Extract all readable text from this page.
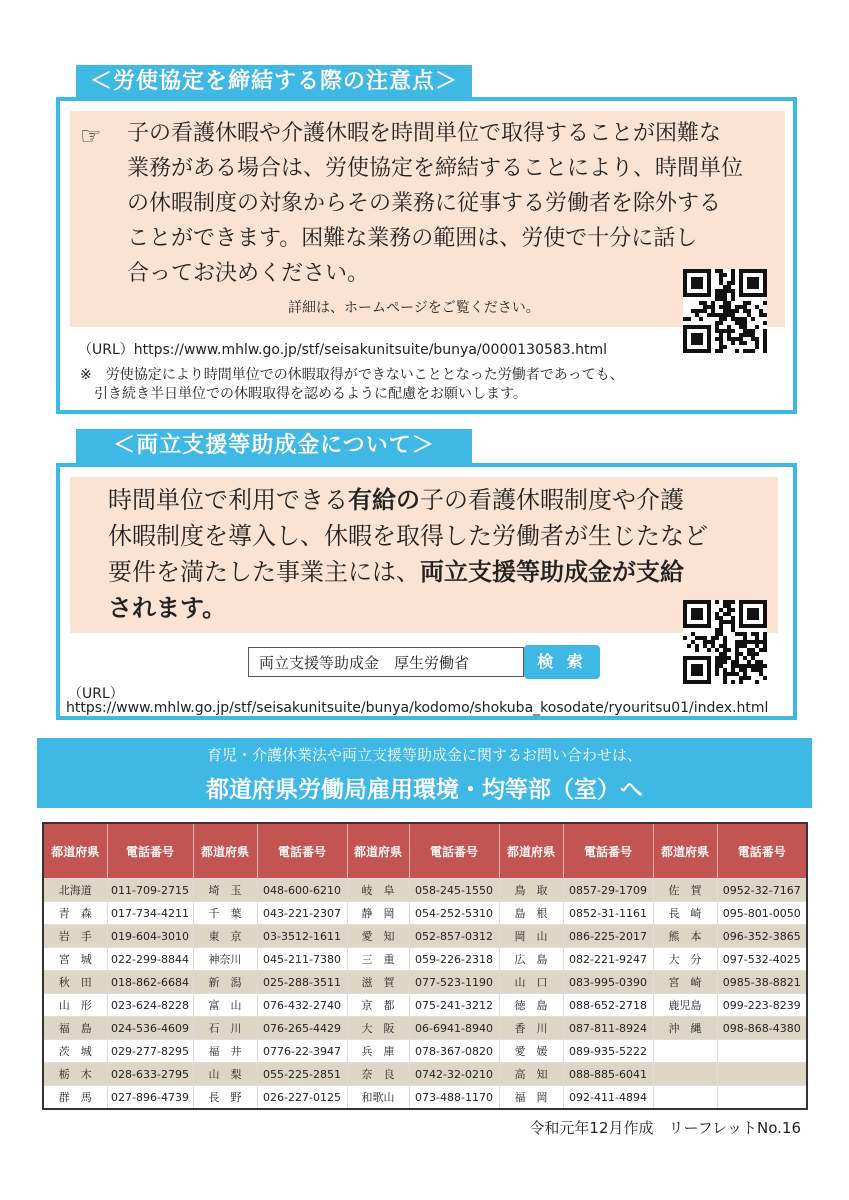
＜労使協定を締結する際の注意点＞
☞ 子の看護休暇や介護休暇を時間単位で取得することが困難な
業務がある場合は、労使協定を締結することにより、時間単位
の休暇制度の対象からその業務に従事する労働者を除外する
ことができます。困難な業務の範囲は、労使で十分に話し
合ってお決めください。
詳細は、ホームページをご覧ください。
（URL）https://www.mhlw.go.jp/stf/seisakunitsuite/bunya/0000130583.html
※　労使協定により時間単位での休暇取得ができないこととなった労働者であっても、
　引き続き半日単位での休暇取得を認めるように配慮をお願いします。
＜両立支援等助成金について＞
時間単位で利用できる有給の子の看護休暇制度や介護
休暇制度を導入し、休暇を取得した労働者が生じたなど
要件を満たした事業主には、両立支援等助成金が支給
されます。
両立支援等助成金　厚生労働省	検 索
（URL）
https://www.mhlw.go.jp/stf/seisakunitsuite/bunya/kodomo/shokuba_kosodate/ryouritsu01/index.html
育児・介護休業法や両立支援等助成金に関するお問い合わせは、
都道府県労働局雇用環境・均等部（室）へ
都道府県	電話番号	都道府県	電話番号	都道府県	電話番号	都道府県	電話番号	都道府県	電話番号
北海道	011-709-2715	埼　玉	048-600-6210	岐　阜	058-245-1550	鳥　取	0857-29-1709	佐　賀	0952-32-7167
青　森	017-734-4211	千　葉	043-221-2307	静　岡	054-252-5310	島　根	0852-31-1161	長　崎	095-801-0050
岩　手	019-604-3010	東　京	03-3512-1611	愛　知	052-857-0312	岡　山	086-225-2017	熊　本	096-352-3865
宮　城	022-299-8844	神奈川	045-211-7380	三　重	059-226-2318	広　島	082-221-9247	大　分	097-532-4025
秋　田	018-862-6684	新　潟	025-288-3511	滋　賀	077-523-1190	山　口	083-995-0390	宮　崎	0985-38-8821
山　形	023-624-8228	富　山	076-432-2740	京　都	075-241-3212	徳　島	088-652-2718	鹿児島	099-223-8239
福　島	024-536-4609	石　川	076-265-4429	大　阪	06-6941-8940	香　川	087-811-8924	沖　縄	098-868-4380
茨　城	029-277-8295	福　井	0776-22-3947	兵　庫	078-367-0820	愛　媛	089-935-5222		
栃　木	028-633-2795	山　梨	055-225-2851	奈　良	0742-32-0210	高　知	088-885-6041		
群　馬	027-896-4739	長　野	026-227-0125	和歌山	073-488-1170	福　岡	092-411-4894		
令和元年12月作成　リーフレットNo.16
